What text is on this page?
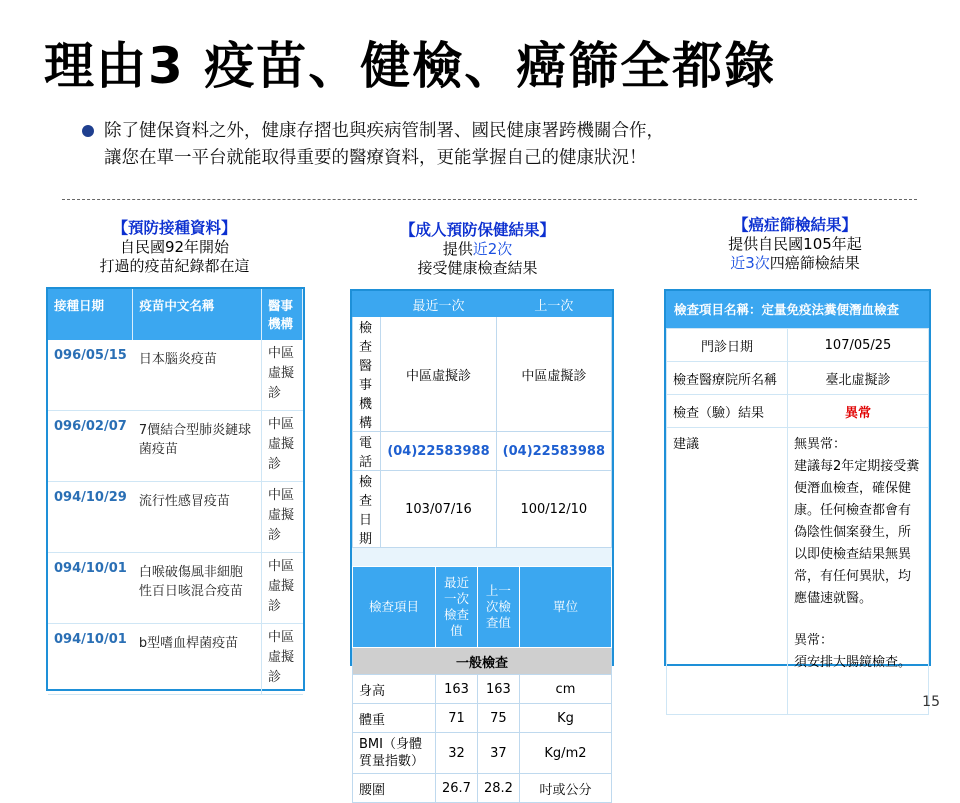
理由3 疫苗、健檢、癌篩全都錄
除了健保資料之外，健康存摺也與疾病管制署、國民健康署跨機關合作，
讓您在單一平台就能取得重要的醫療資料，更能掌握自己的健康狀況！
【預防接種資料】
自民國92年開始
打過的疫苗紀錄都在這
【成人預防保健結果】
提供近2次
接受健康檢查結果
【癌症篩檢結果】
提供自民國105年起
近3次四癌篩檢結果
接種日期	疫苗中文名稱	醫事機構
096/05/15	日本腦炎疫苗	中區虛擬診
096/02/07	7價結合型肺炎鏈球菌疫苗	中區虛擬診
094/10/29	流行性感冒疫苗	中區虛擬診
094/10/01	白喉破傷風非細胞性百日咳混合疫苗	中區虛擬診
094/10/01	b型嗜血桿菌疫苗	中區虛擬診
	最近一次	上一次
檢查醫事機構	中區虛擬診	中區虛擬診
電話	(04)22583988	(04)22583988
檢查日期	103/07/16	100/12/10
檢查項目	最近一次檢查值	上一次檢查值	單位
一般檢查			
身高	163	163	cm
體重	71	75	Kg
BMI（身體質量指數）	32	37	Kg/m2
腰圍	26.7	28.2	吋或公分
檢查項目名稱：定量免疫法糞便潛血檢查
門診日期	107/05/25
檢查醫療院所名稱	臺北虛擬診
檢查（驗）結果	異常
建議	無異常：
建議每2年定期接受糞便潛血檢查，確保健康。任何檢查都會有偽陰性個案發生，所以即使檢查結果無異常，有任何異狀，均應儘速就醫。
異常：
須安排大腸鏡檢查。
15
